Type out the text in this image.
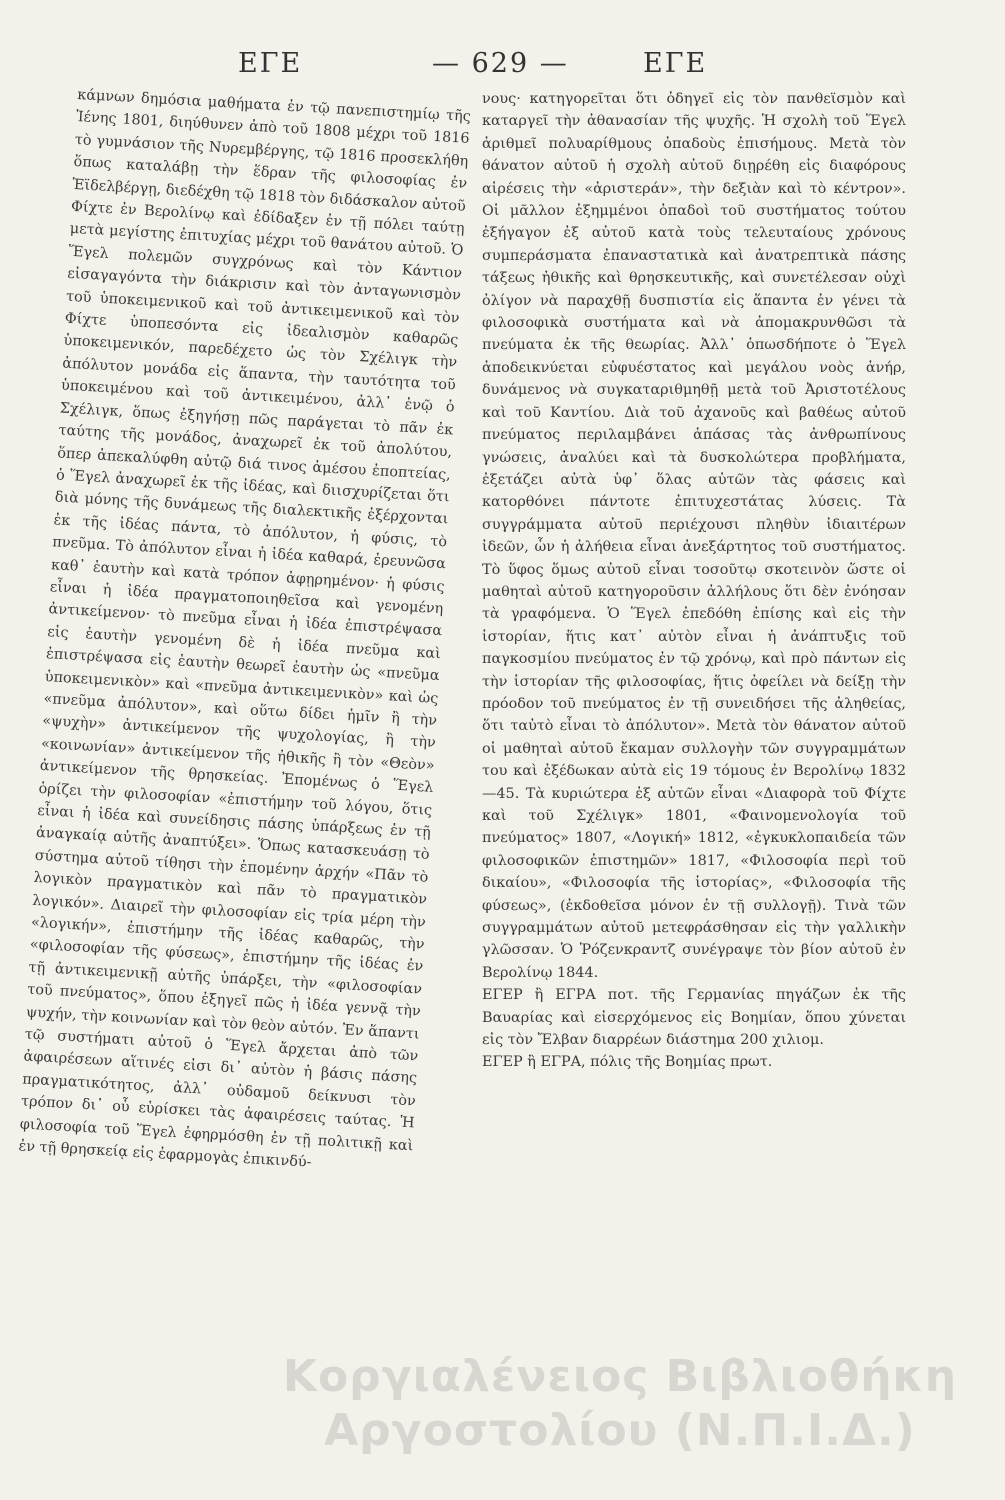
ΕΓΕ	— 629 —	ΕΓΕ

κάμνων δημόσια μαθήματα ἐν τῷ πανεπιστημίῳ τῆς Ἰένης 1801, διηύθυνεν ἀπὸ τοῦ 1808 μέχρι τοῦ 1816 τὸ γυμνάσιον τῆς Νυρεμβέργης, τῷ 1816 προσεκλήθη ὅπως καταλάβῃ τὴν ἕδραν τῆς φιλοσοφίας ἐν Ἑϊδελβέργῃ, διεδέχθη τῷ 1818 τὸν διδάσκαλον αὐτοῦ Φίχτε ἐν Βερολίνῳ καὶ ἐδίδαξεν ἐν τῇ πόλει ταύτῃ μετὰ μεγίστης ἐπιτυχίας μέχρι τοῦ θανάτου αὐτοῦ. Ὁ Ἕγελ πολεμῶν συγχρόνως καὶ τὸν Κάντιον εἰσαγαγόντα τὴν διάκρισιν καὶ τὸν ἀνταγωνισμὸν τοῦ ὑποκειμενικοῦ καὶ τοῦ ἀντικειμενικοῦ καὶ τὸν Φίχτε ὑποπεσόντα εἰς ἰδεαλισμὸν καθαρῶς ὑποκειμενικόν, παρεδέχετο ὡς τὸν Σχέλιγκ τὴν ἀπόλυτον μονάδα εἰς ἅπαντα, τὴν ταυτότητα τοῦ ὑποκειμένου καὶ τοῦ ἀντικειμένου, ἀλλ᾽ ἐνῷ ὁ Σχέλιγκ, ὅπως ἐξηγήσῃ πῶς παράγεται τὸ πᾶν ἐκ ταύτης τῆς μονάδος, ἀναχωρεῖ ἐκ τοῦ ἀπολύτου, ὅπερ ἀπεκαλύφθη αὐτῷ διά τινος ἀμέσου ἐποπτείας, ὁ Ἕγελ ἀναχωρεῖ ἐκ τῆς ἰδέας, καὶ διισχυρίζεται ὅτι διὰ μόνης τῆς δυνάμεως τῆς διαλεκτικῆς ἐξέρχονται ἐκ τῆς ἰδέας πάντα, τὸ ἀπόλυτον, ἡ φύσις, τὸ πνεῦμα. Τὸ ἀπόλυτον εἶναι ἡ ἰδέα καθαρά, ἐρευνῶσα καθ᾽ ἑαυτὴν καὶ κατὰ τρόπον ἀφῃρημένον· ἡ φύσις εἶναι ἡ ἰδέα πραγματοποιηθεῖσα καὶ γενομένη ἀντικείμενον· τὸ πνεῦμα εἶναι ἡ ἰδέα ἐπιστρέψασα εἰς ἑαυτὴν γενομένη δὲ ἡ ἰδέα πνεῦμα καὶ ἐπιστρέψασα εἰς ἑαυτὴν θεωρεῖ ἑαυτὴν ὡς «πνεῦμα ὑποκειμενικὸν» καὶ «πνεῦμα ἀντικειμενικὸν» καὶ ὡς «πνεῦμα ἀπόλυτον», καὶ οὕτω δίδει ἡμῖν ἢ τὴν «ψυχὴν» ἀντικείμενον τῆς ψυχολογίας, ἢ τὴν «κοινωνίαν» ἀντικείμενον τῆς ἠθικῆς ἢ τὸν «Θεὸν» ἀντικείμενον τῆς θρησκείας. Ἐπομένως ὁ Ἕγελ ὁρίζει τὴν φιλοσοφίαν «ἐπιστήμην τοῦ λόγου, ὅτις εἶναι ἡ ἰδέα καὶ συνείδησις πάσης ὑπάρξεως ἐν τῇ ἀναγκαίᾳ αὐτῆς ἀναπτύξει». Ὅπως κατασκευάσῃ τὸ σύστημα αὐτοῦ τίθησι τὴν ἑπομένην ἀρχήν «Πᾶν τὸ λογικὸν πραγματικὸν καὶ πᾶν τὸ πραγματικὸν λογικόν». Διαιρεῖ τὴν φιλοσοφίαν εἰς τρία μέρη τὴν «λογικήν», ἐπιστήμην τῆς ἰδέας καθαρῶς, τὴν «φιλοσοφίαν τῆς φύσεως», ἐπιστήμην τῆς ἰδέας ἐν τῇ ἀντικειμενικῇ αὐτῆς ὑπάρξει, τὴν «φιλοσοφίαν τοῦ πνεύματος», ὅπου ἐξηγεῖ πῶς ἡ ἰδέα γεννᾷ τὴν ψυχήν, τὴν κοινωνίαν καὶ τὸν θεὸν αὐτόν. Ἐν ἅπαντι τῷ συστήματι αὐτοῦ ὁ Ἕγελ ἄρχεται ἀπὸ τῶν ἀφαιρέσεων αἵτινές εἰσι δι᾽ αὐτὸν ἡ βάσις πάσης πραγματικότητος, ἀλλ᾽ οὐδαμοῦ δείκνυσι τὸν τρόπον δι᾽ οὗ εὑρίσκει τὰς ἀφαιρέσεις ταύτας. Ἡ φιλοσοφία τοῦ Ἕγελ ἐφηρμόσθη ἐν τῇ πολιτικῇ καὶ ἐν τῇ θρησκείᾳ εἰς ἐφαρμογὰς ἐπικινδύ-

νους· κατηγορεῖται ὅτι ὁδηγεῖ εἰς τὸν πανθεϊσμὸν καὶ καταργεῖ τὴν ἀθανασίαν τῆς ψυχῆς. Ἡ σχολὴ τοῦ Ἕγελ ἀριθμεῖ πολυαρίθμους ὀπαδοὺς ἐπισήμους. Μετὰ τὸν θάνατον αὐτοῦ ἡ σχολὴ αὐτοῦ διῃρέθη εἰς διαφόρους αἱρέσεις τὴν «ἀριστεράν», τὴν δεξιὰν καὶ τὸ κέντρον». Οἱ μᾶλλον ἐξημμένοι ὀπαδοὶ τοῦ συστήματος τούτου ἐξήγαγον ἐξ αὐτοῦ κατὰ τοὺς τελευταίους χρόνους συμπεράσματα ἐπαναστατικὰ καὶ ἀνατρεπτικὰ πάσης τάξεως ἠθικῆς καὶ θρησκευτικῆς, καὶ συνετέλεσαν οὐχὶ ὀλίγον νὰ παραχθῇ δυσπιστία εἰς ἅπαντα ἐν γένει τὰ φιλοσοφικὰ συστήματα καὶ νὰ ἀπομακρυνθῶσι τὰ πνεύματα ἐκ τῆς θεωρίας. Ἀλλ᾽ ὁπωσδήποτε ὁ Ἕγελ ἀποδεικνύεται εὐφυέστατος καὶ μεγάλου νοὸς ἀνήρ, δυνάμενος νὰ συγκαταριθμηθῇ μετὰ τοῦ Ἀριστοτέλους καὶ τοῦ Καντίου. Διὰ τοῦ ἀχανοῦς καὶ βαθέως αὐτοῦ πνεύματος περιλαμβάνει ἁπάσας τὰς ἀνθρωπίνους γνώσεις, ἀναλύει καὶ τὰ δυσκολώτερα προβλήματα, ἐξετάζει αὐτὰ ὑφ᾽ ὅλας αὐτῶν τὰς φάσεις καὶ κατορθόνει πάντοτε ἐπιτυχεστάτας λύσεις. Τὰ συγγράμματα αὐτοῦ περιέχουσι πληθὺν ἰδιαιτέρων ἰδεῶν, ὧν ἡ ἀλήθεια εἶναι ἀνεξάρτητος τοῦ συστήματος. Τὸ ὕφος ὅμως αὐτοῦ εἶναι τοσοῦτῳ σκοτεινὸν ὥστε οἱ μαθηταὶ αὐτοῦ κατηγοροῦσιν ἀλλήλους ὅτι δὲν ἐνόησαν τὰ γραφόμενα. Ὁ Ἕγελ ἐπεδόθη ἐπίσης καὶ εἰς τὴν ἱστορίαν, ἥτις κατ᾽ αὐτὸν εἶναι ἡ ἀνάπτυξις τοῦ παγκοσμίου πνεύματος ἐν τῷ χρόνῳ, καὶ πρὸ πάντων εἰς τὴν ἱστορίαν τῆς φιλοσοφίας, ἥτις ὀφείλει νὰ δείξῃ τὴν πρόοδον τοῦ πνεύματος ἐν τῇ συνειδήσει τῆς ἀληθείας, ὅτι ταὐτὸ εἶναι τὸ ἀπόλυτον». Μετὰ τὸν θάνατον αὐτοῦ οἱ μαθηταὶ αὐτοῦ ἔκαμαν συλλογὴν τῶν συγγραμμάτων του καὶ ἐξέδωκαν αὐτὰ εἰς 19 τόμους ἐν Βερολίνῳ 1832—45. Τὰ κυριώτερα ἐξ αὐτῶν εἶναι «Διαφορὰ τοῦ Φίχτε καὶ τοῦ Σχέλιγκ» 1801, «Φαινομενολογία τοῦ πνεύματος» 1807, «Λογική» 1812, «ἐγκυκλοπαιδεία τῶν φιλοσοφικῶν ἐπιστημῶν» 1817, «Φιλοσοφία περὶ τοῦ δικαίου», «Φιλοσοφία τῆς ἱστορίας», «Φιλοσοφία τῆς φύσεως», (ἐκδοθεῖσα μόνον ἐν τῇ συλλογῇ). Τινὰ τῶν συγγραμμάτων αὐτοῦ μετεφράσθησαν εἰς τὴν γαλλικὴν γλῶσσαν. Ὁ Ῥόζενκραντζ συνέγραψε τὸν βίον αὐτοῦ ἐν Βερολίνῳ 1844.

ΕΓΕΡ ἢ ΕΓΡΑ ποτ. τῆς Γερμανίας πηγάζων ἐκ τῆς Βαυαρίας καὶ εἰσερχόμενος εἰς Βοημίαν, ὅπου χύνεται εἰς τὸν Ἔλβαν διαρρέων διάστημα 200 χιλιομ.

ΕΓΕΡ ἢ ΕΓΡΑ, πόλις τῆς Βοημίας πρωτ.

Κοργιαλένειος Βιβλιοθήκη
Αργοστολίου (Ν.Π.Ι.Δ.)
